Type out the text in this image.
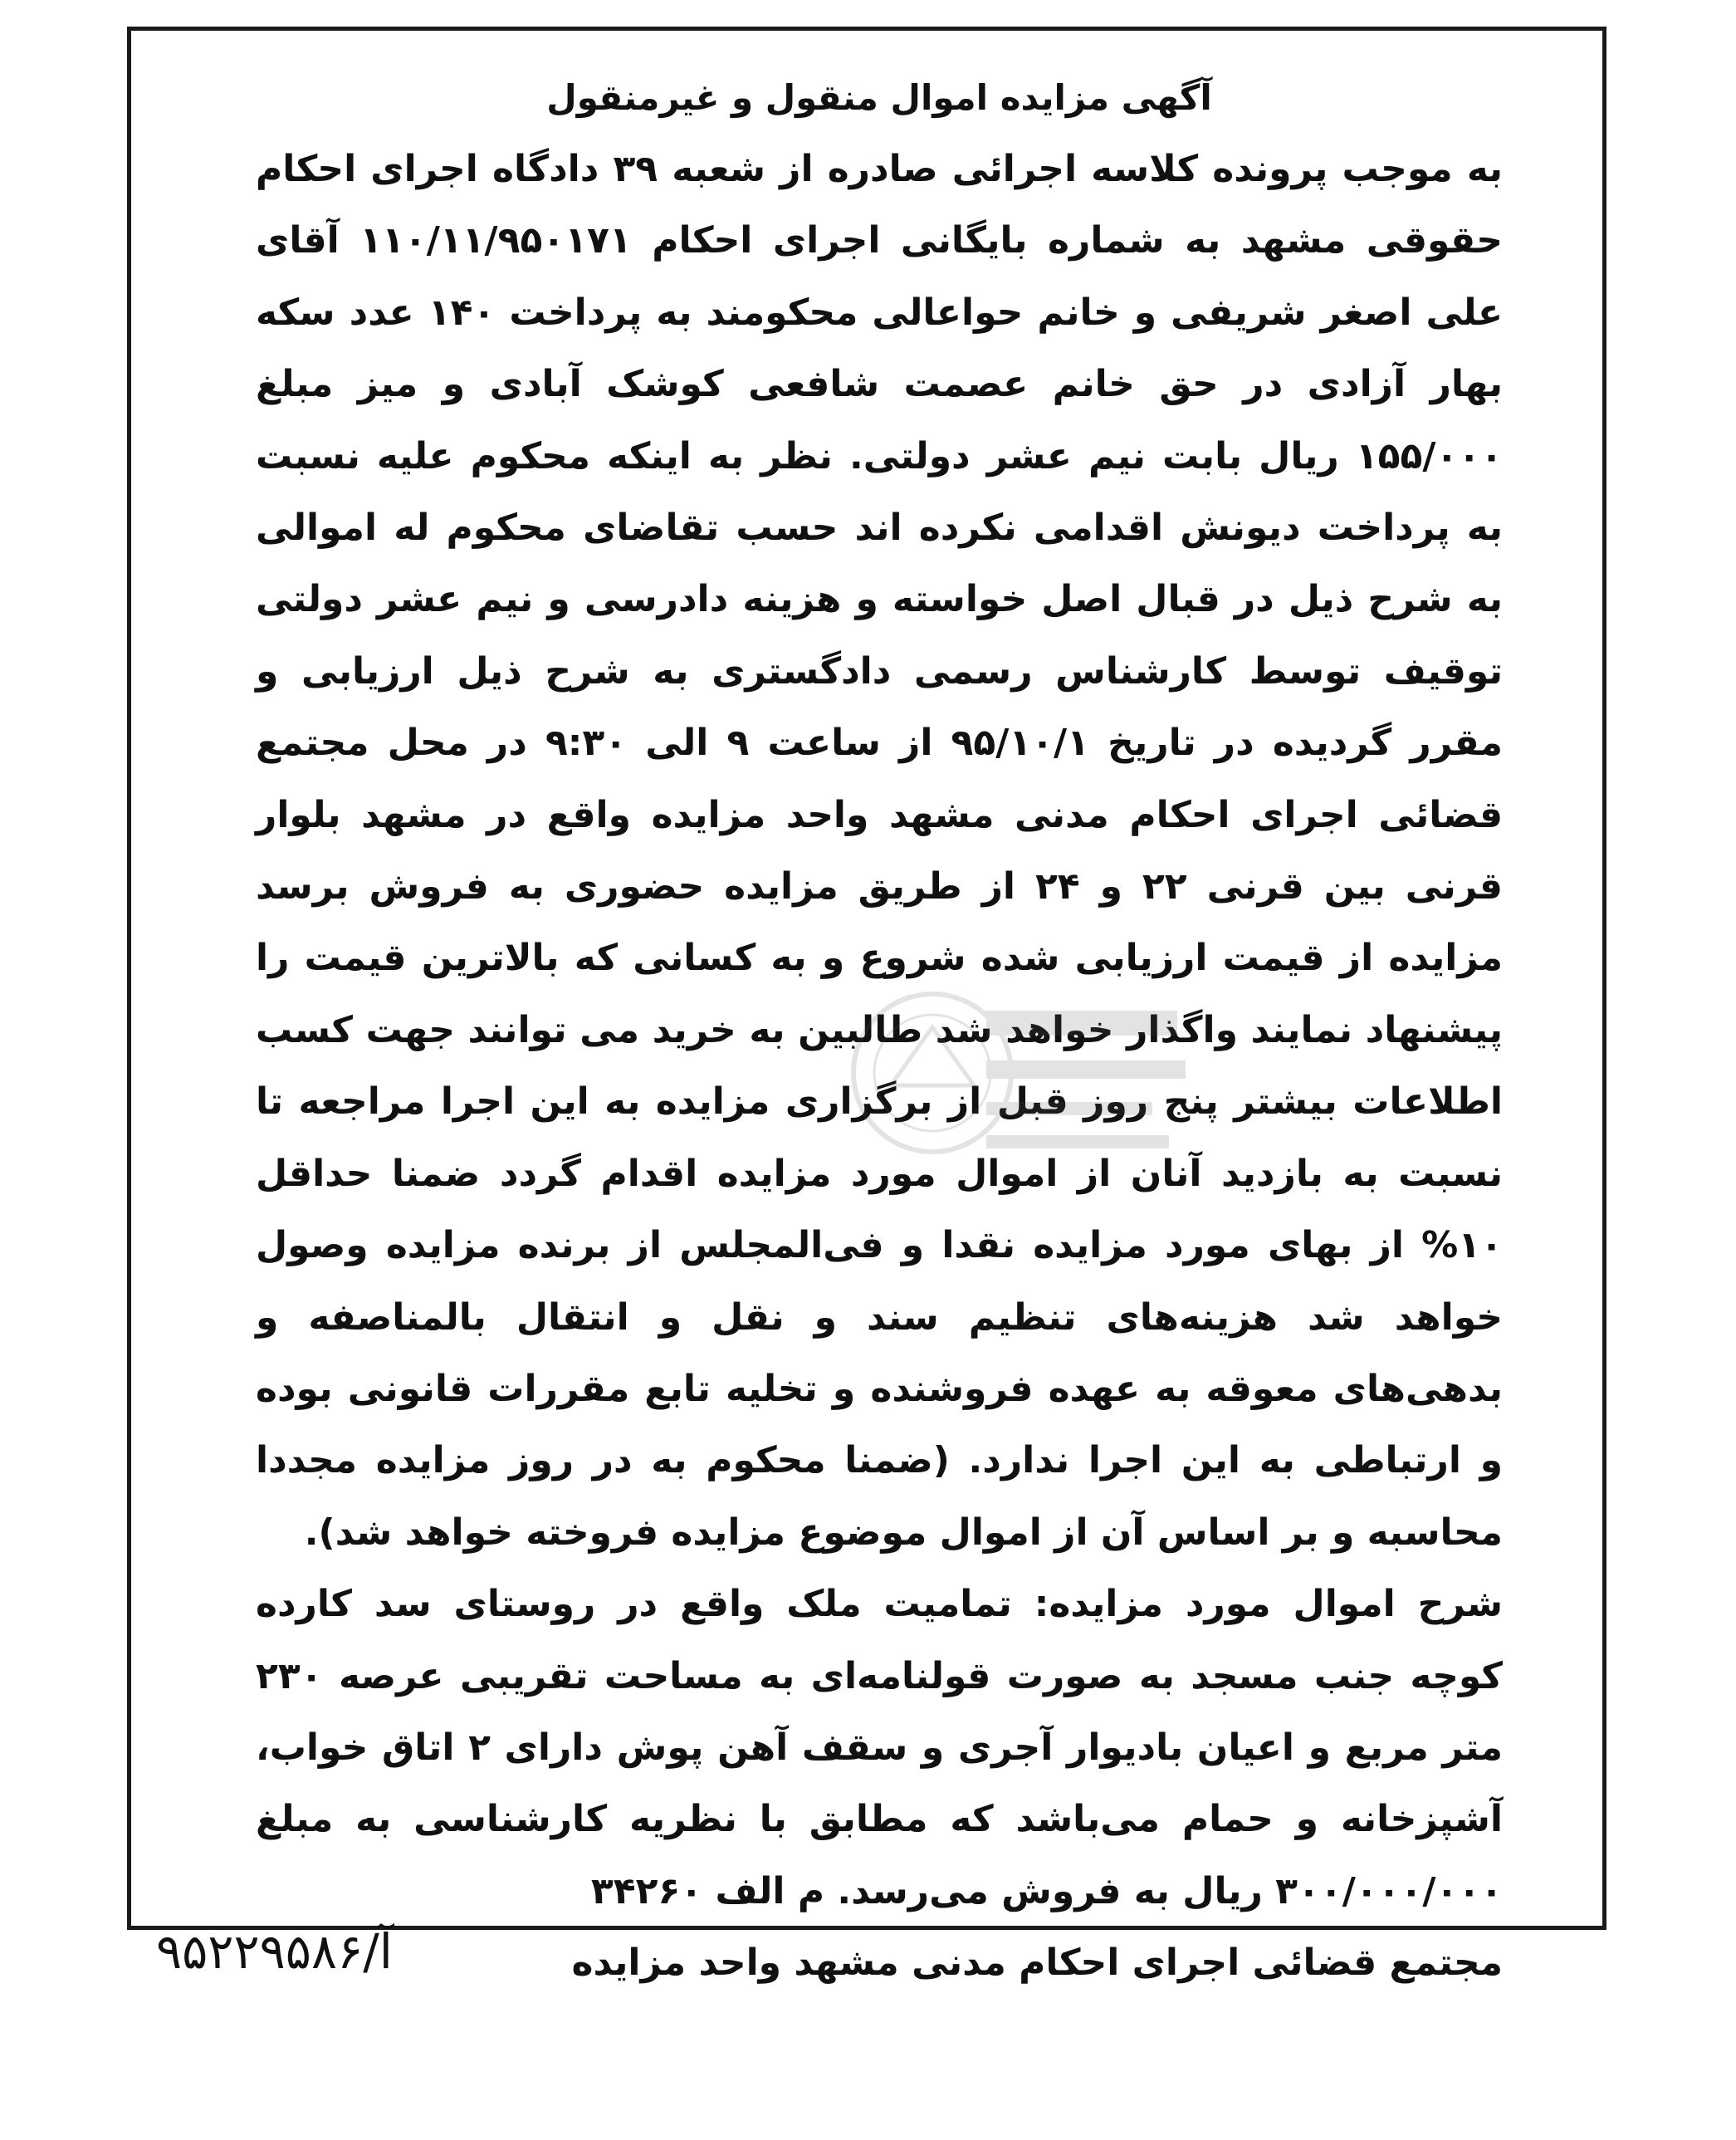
آگهی مزایده اموال منقول و غیرمنقول

به موجب پرونده کلاسه اجرائی صادره از شعبه ۳۹ دادگاه اجرای احکام حقوقی مشهد به شماره بایگانی اجرای احکام ۱۱۰/۱۱/۹۵۰۱۷۱ آقای علی اصغر شریفی و خانم حواعالی محکومند به پرداخت ۱۴۰ عدد سکه بهار آزادی در حق خانم عصمت شافعی کوشک آبادی و میز مبلغ ۱۵۵/۰۰۰ ریال بابت نیم عشر دولتی. نظر به اینکه محکوم علیه نسبت به پرداخت دیونش اقدامی نکرده اند حسب تقاضای محکوم له اموالی به شرح ذیل در قبال اصل خواسته و هزینه دادرسی و نیم عشر دولتی توقیف توسط کارشناس رسمی دادگستری به شرح ذیل ارزیابی و مقرر گردیده در تاریخ ۹۵/۱۰/۱ از ساعت ۹ الی ۹:۳۰ در محل مجتمع قضائی اجرای احکام مدنی مشهد واحد مزایده واقع در مشهد بلوار قرنی بین قرنی ۲۲ و ۲۴ از طریق مزایده حضوری به فروش برسد مزایده از قیمت ارزیابی شده شروع و به کسانی که بالاترین قیمت را پیشنهاد نمایند واگذار خواهد شد طالبین به خرید می توانند جهت کسب اطلاعات بیشتر پنج روز قبل از برگزاری مزایده به این اجرا مراجعه تا نسبت به بازدید آنان از اموال مورد مزایده اقدام گردد ضمنا حداقل ۱۰% از بهای مورد مزایده نقدا و فی‌المجلس از برنده مزایده وصول خواهد شد هزینه‌های تنظیم سند و نقل و انتقال بالمناصفه و بدهی‌های معوقه به عهده فروشنده و تخلیه تابع مقررات قانونی بوده و ارتباطی به این اجرا ندارد. (ضمنا محکوم به در روز مزایده مجددا محاسبه و بر اساس آن از اموال موضوع مزایده فروخته خواهد شد).

شرح اموال مورد مزایده: تمامیت ملک واقع در روستای سد کارده کوچه جنب مسجد به صورت قولنامه‌ای به مساحت تقریبی عرصه ۲۳۰ متر مربع و اعیان بادیوار آجری و سقف آهن پوش دارای ۲ اتاق خواب، آشپزخانه و حمام می‌باشد که مطابق با نظریه کارشناسی به مبلغ ۳۰۰/۰۰۰/۰۰۰ ریال به فروش می‌رسد. م الف ۳۴۲۶۰

مجتمع قضائی اجرای احکام مدنی مشهد واحد مزایده
آ/۹۵۲۲۹۵۸۶
